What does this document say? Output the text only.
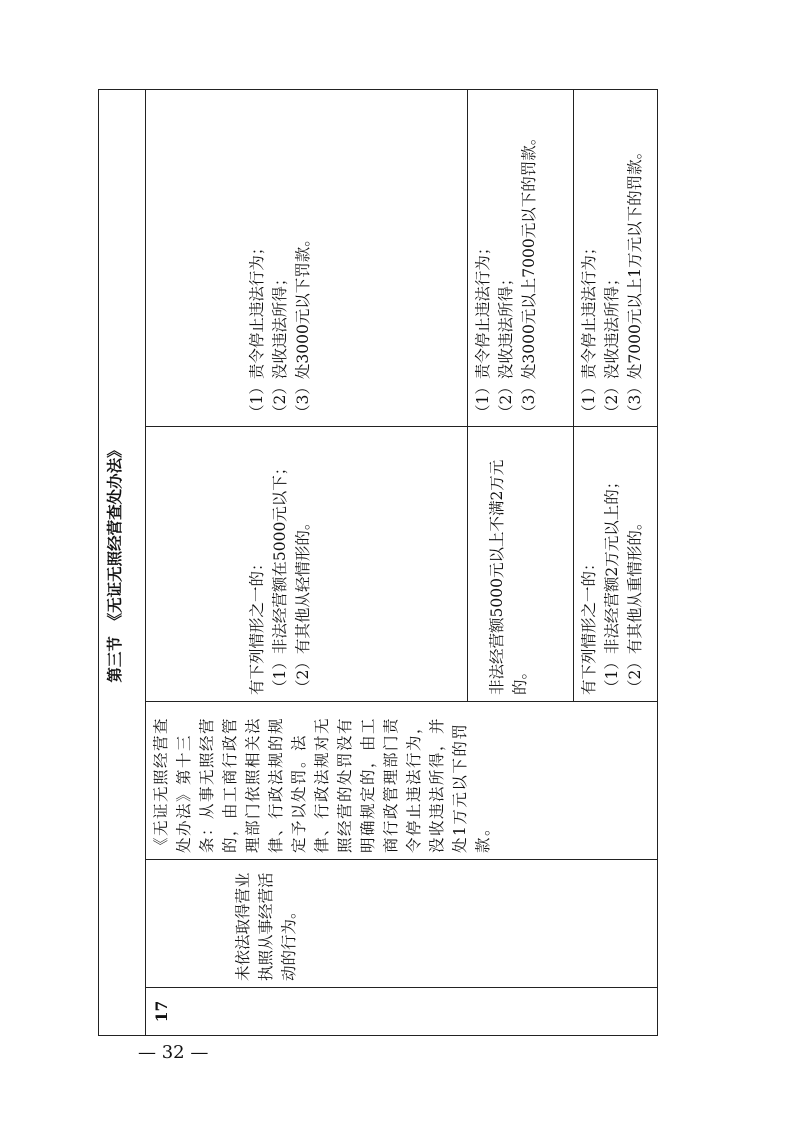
第三节　《无证无照经营查处办法》				
17	未依法取得营业执照从事经营活动的行为。	《无证无照经营查处办法》第十三条：从事无照经营的，由工商行政管理部门依照相关法律、行政法规的规定予以处罚。法律、行政法规对无照经营的处罚没有明确规定的，由工商行政管理部门责令停止违法行为，没收违法所得，并处1万元以下的罚款。	有下列情形之一的： （1）非法经营额在5000元以下； （2）有其他从轻情形的。	（1）责令停止违法行为； （2）没收违法所得； （3）处3000元以下罚款。

			非法经营额5000元以上不满2万元的。	（1）责令停止违法行为； （2）没收违法所得； （3）处3000元以上7000元以下的罚款。

			有下列情形之一的： （1）非法经营额2万元以上的； （2）有其他从重情形的。	（1）责令停止违法行为； （2）没收违法所得； （3）处7000元以上1万元以下的罚款。
— 32 —
